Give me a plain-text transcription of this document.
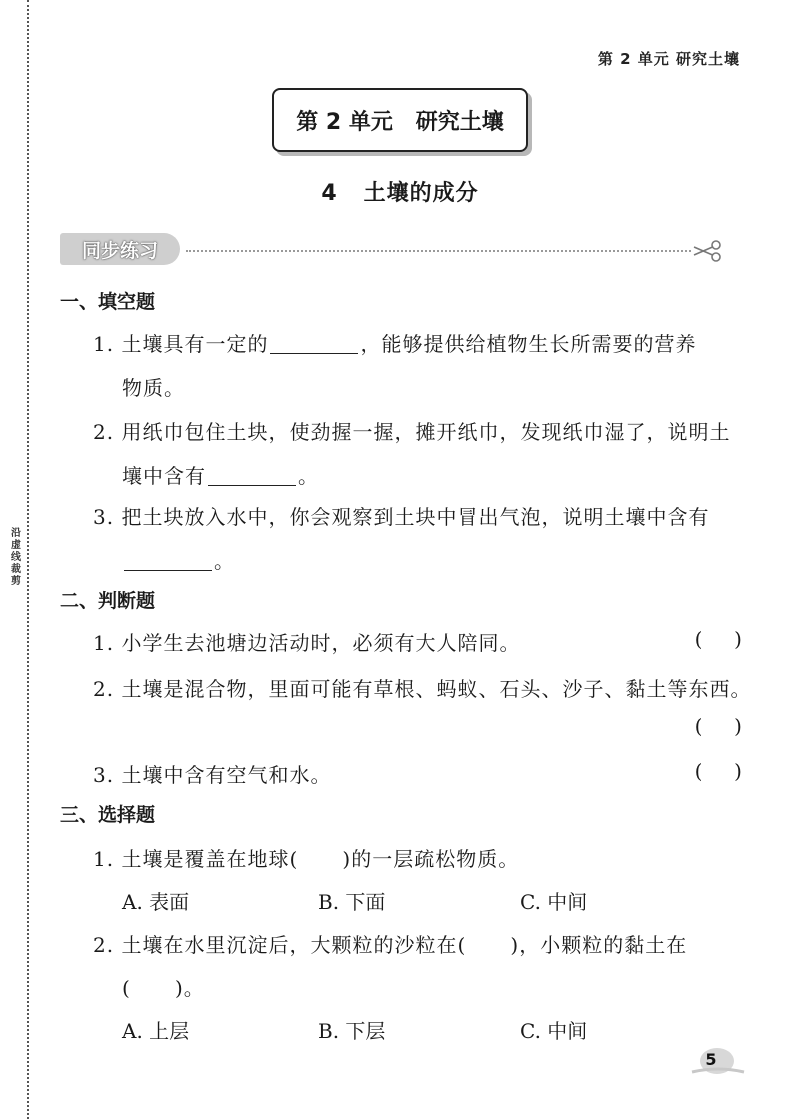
沿虚线裁剪
第 2 单元 研究土壤
第 2 单元   研究土壤
4   土壤的成分
同步练习
一、填空题
1. 土壤具有一定的	，能够提供给植物生长所需要的营养
物质。
2. 用纸巾包住土块，使劲握一握，摊开纸巾，发现纸巾湿了，说明土
壤中含有	。
3. 把土块放入水中，你会观察到土块中冒出气泡，说明土壤中含有
。
二、判断题
1. 小学生去池塘边活动时，必须有大人陪同。	(     )
2. 土壤是混合物，里面可能有草根、蚂蚁、石头、沙子、黏土等东西。
(     )
3. 土壤中含有空气和水。	(     )
三、选择题
1. 土壤是覆盖在地球(      )的一层疏松物质。
A. 表面	B. 下面	C. 中间
2. 土壤在水里沉淀后，大颗粒的沙粒在(      )，小颗粒的黏土在
(      )。
A. 上层	B. 下层	C. 中间
5
